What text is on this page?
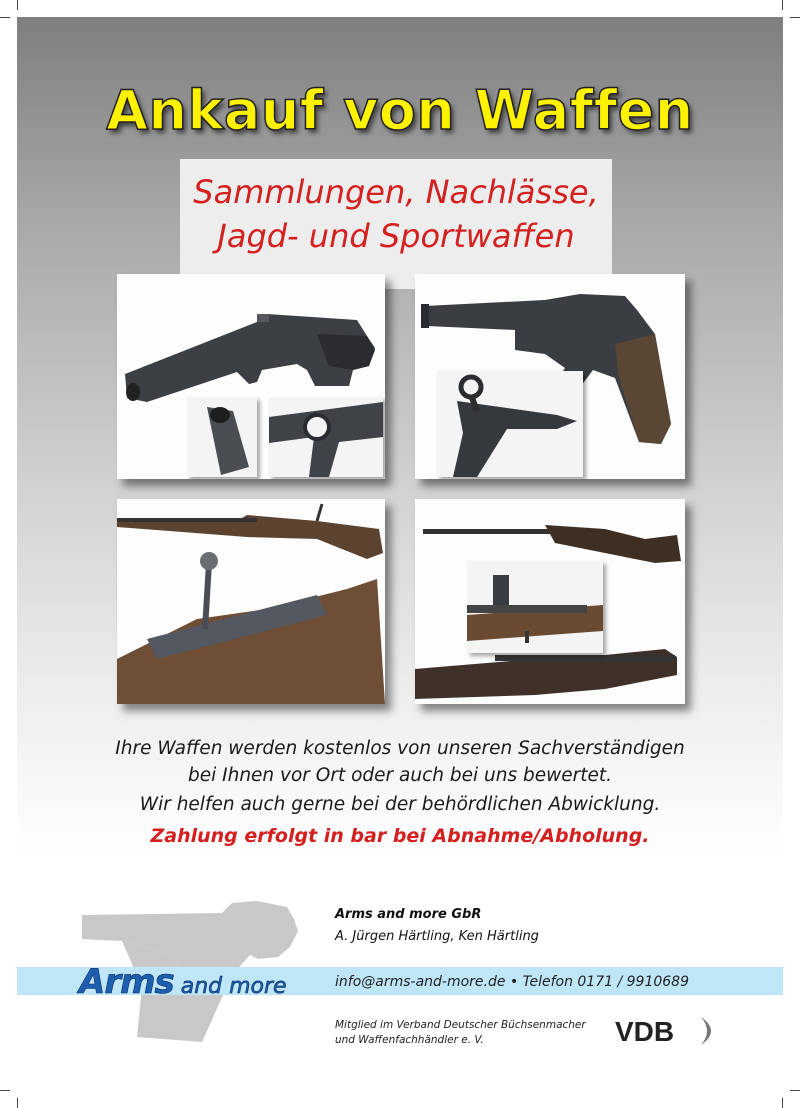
Ankauf von Waffen
Sammlungen, Nachlässe,
Jagd- und Sportwaffen
Ihre Waffen werden kostenlos von unseren Sachverständigen
bei Ihnen vor Ort oder auch bei uns bewertet.
Wir helfen auch gerne bei der behördlichen Abwicklung.
Zahlung erfolgt in bar bei Abnahme/Abholung.
Arms and more
Arms and more GbR
A. Jürgen Härtling, Ken Härtling
info@arms-and-more.de • Telefon 0171 / 9910689
Mitglied im Verband Deutscher Büchsenmacher
und Waffenfachhändler e. V.	VDB
